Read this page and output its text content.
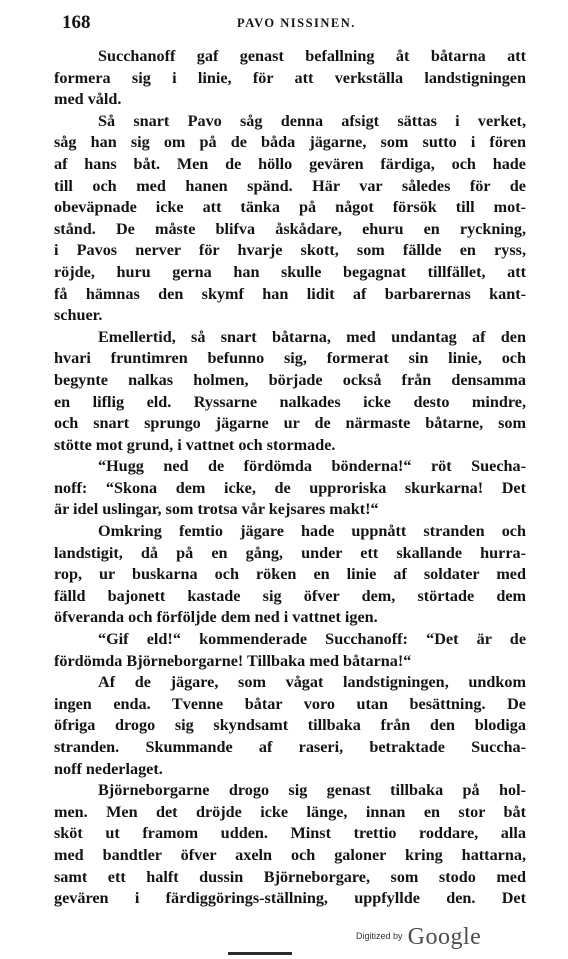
168	PAVO NISSINEN.
Succhanoff gaf genast befallning åt båtarna att
formera sig i linie, för att verkställa landstigningen
med våld.
Så snart Pavo såg denna afsigt sättas i verket,
såg han sig om på de båda jägarne, som sutto i fören
af hans båt. Men de höllo gevären färdiga, och hade
till och med hanen spänd. Här var således för de
obeväpnade icke att tänka på något försök till mot-
stånd. De måste blifva åskådare, ehuru en ryckning,
i Pavos nerver för hvarje skott, som fällde en ryss,
röjde, huru gerna han skulle begagnat tillfället, att
få hämnas den skymf han lidit af barbarernas kant-
schuer.
Emellertid, så snart båtarna, med undantag af den
hvari fruntimren befunno sig, formerat sin linie, och
begynte nalkas holmen, började också från densamma
en liflig eld. Ryssarne nalkades icke desto mindre,
och snart sprungo jägarne ur de närmaste båtarne, som
stötte mot grund, i vattnet och stormade.
“Hugg ned de fördömda bönderna!“ röt Suecha-
noff: “Skona dem icke, de upproriska skurkarna! Det
är idel uslingar, som trotsa vår kejsares makt!“
Omkring femtio jägare hade uppnått stranden och
landstigit, då på en gång, under ett skallande hurra-
rop, ur buskarna och röken en linie af soldater med
fälld bajonett kastade sig öfver dem, störtade dem
öfveranda och förföljde dem ned i vattnet igen.
“Gif eld!“ kommenderade Succhanoff: “Det är de
fördömda Björneborgarne! Tillbaka med båtarna!“
Af de jägare, som vågat landstigningen, undkom
ingen enda. Tvenne båtar voro utan besättning. De
öfriga drogo sig skyndsamt tillbaka från den blodiga
stranden. Skummande af raseri, betraktade Succha-
noff nederlaget.
Björneborgarne drogo sig genast tillbaka på hol-
men. Men det dröjde icke länge, innan en stor båt
sköt ut framom udden. Minst trettio roddare, alla
med bandtler öfver axeln och galoner kring hattarna,
samt ett halft dussin Björneborgare, som stodo med
gevären i färdiggörings-ställning, uppfyllde den. Det
$^{Digitized by}$ Google
